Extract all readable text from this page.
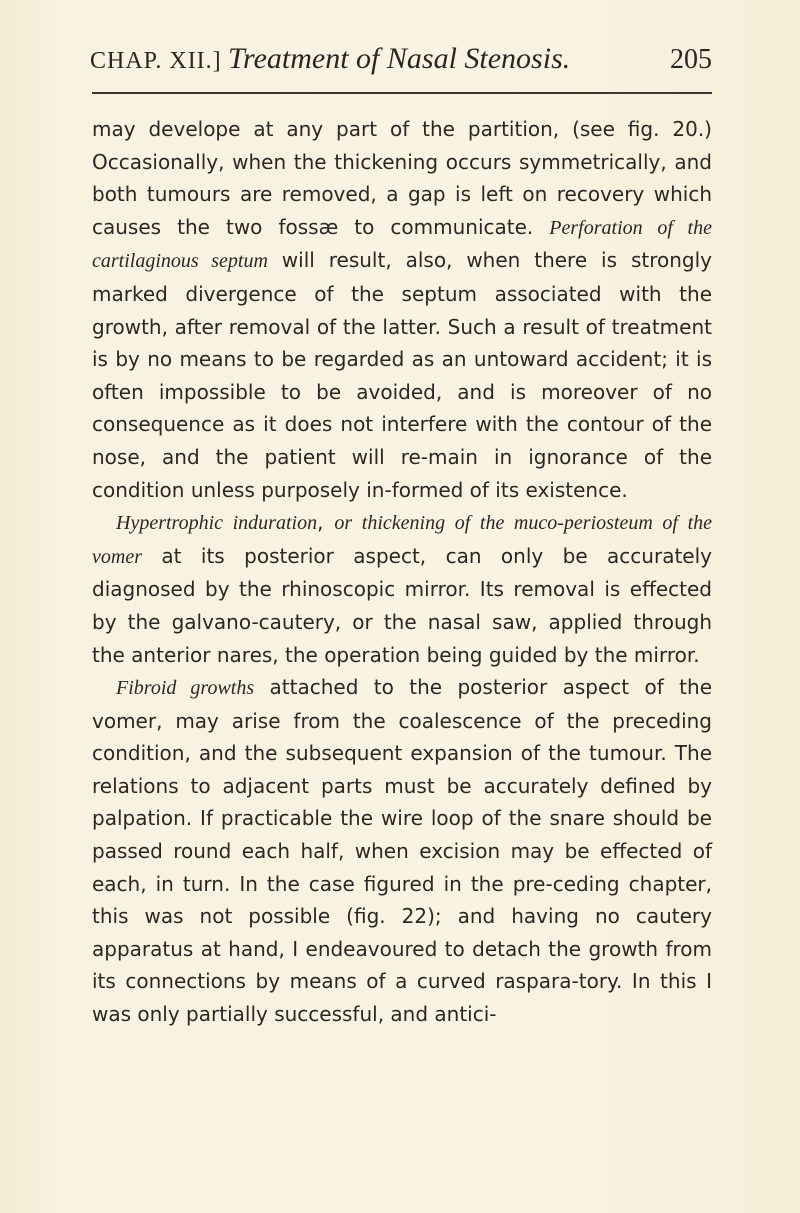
CHAP. XII.] Treatment of Nasal Stenosis.	205

may develope at any part of the partition, (see fig. 20.) Occasionally, when the thickening occurs symmetrically, and both tumours are removed, a gap is left on recovery which causes the two fossæ to communicate. Perforation of the cartilaginous septum will result, also, when there is strongly marked divergence of the septum associated with the growth, after removal of the latter. Such a result of treatment is by no means to be regarded as an untoward accident; it is often impossible to be avoided, and is moreover of no consequence as it does not interfere with the contour of the nose, and the patient will re-main in ignorance of the condition unless purposely in-formed of its existence.

Hypertrophic induration, or thickening of the muco-periosteum of the vomer at its posterior aspect, can only be accurately diagnosed by the rhinoscopic mirror. Its removal is effected by the galvano-cautery, or the nasal saw, applied through the anterior nares, the operation being guided by the mirror.

Fibroid growths attached to the posterior aspect of the vomer, may arise from the coalescence of the preceding condition, and the subsequent expansion of the tumour. The relations to adjacent parts must be accurately defined by palpation. If practicable the wire loop of the snare should be passed round each half, when excision may be effected of each, in turn. In the case figured in the pre-ceding chapter, this was not possible (fig. 22); and having no cautery apparatus at hand, I endeavoured to detach the growth from its connections by means of a curved raspara-tory. In this I was only partially successful, and antici-
